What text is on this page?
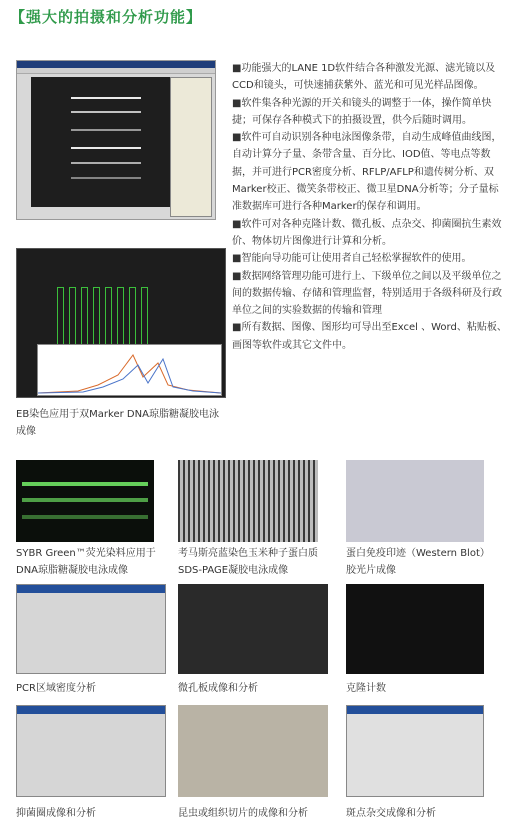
【强大的拍摄和分析功能】

■功能强大的LANE 1D软件结合各种激发光源、滤光镜以及CCD和镜头，可快速捕获紫外、蓝光和可见光样品图像。

■软件集各种光源的开关和镜头的调整于一体，操作简单快捷；可保存各种模式下的拍摄设置，供今后随时调用。

■软件可自动识别各种电泳图像条带，自动生成峰值曲线图，自动计算分子量、条带含量、百分比、IOD值、等电点等数据，并可进行PCR密度分析、RFLP/AFLP和遗传树分析、双Marker校正、微笑条带校正、微卫星DNA分析等；分子量标准数据库可进行各种Marker的保存和调用。

■软件可对各种克隆计数、微孔板、点杂交、抑菌圈抗生素效价、物体切片图像进行计算和分析。

■智能向导功能可让使用者自己轻松掌握软件的使用。

■数据网络管理功能可进行上、下级单位之间以及平级单位之间的数据传输、存储和管理监督，特别适用于各级科研及行政单位之间的实验数据的传输和管理

■所有数据、图像、图形均可导出至Excel 、Word、粘贴板、画图等软件或其它文件中。

EB染色应用于双Marker DNA琼脂糖凝胶电泳成像
SYBR Green™荧光染料应用于DNA琼脂糖凝胶电泳成像
考马斯亮蓝染色玉米种子蛋白质SDS-PAGE凝胶电泳成像
蛋白免疫印迹（Western Blot）胶光片成像
PCR区域密度分析	微孔板成像和分析	克隆计数
抑菌圈成像和分析	昆虫或组织切片的成像和分析	斑点杂交成像和分析
